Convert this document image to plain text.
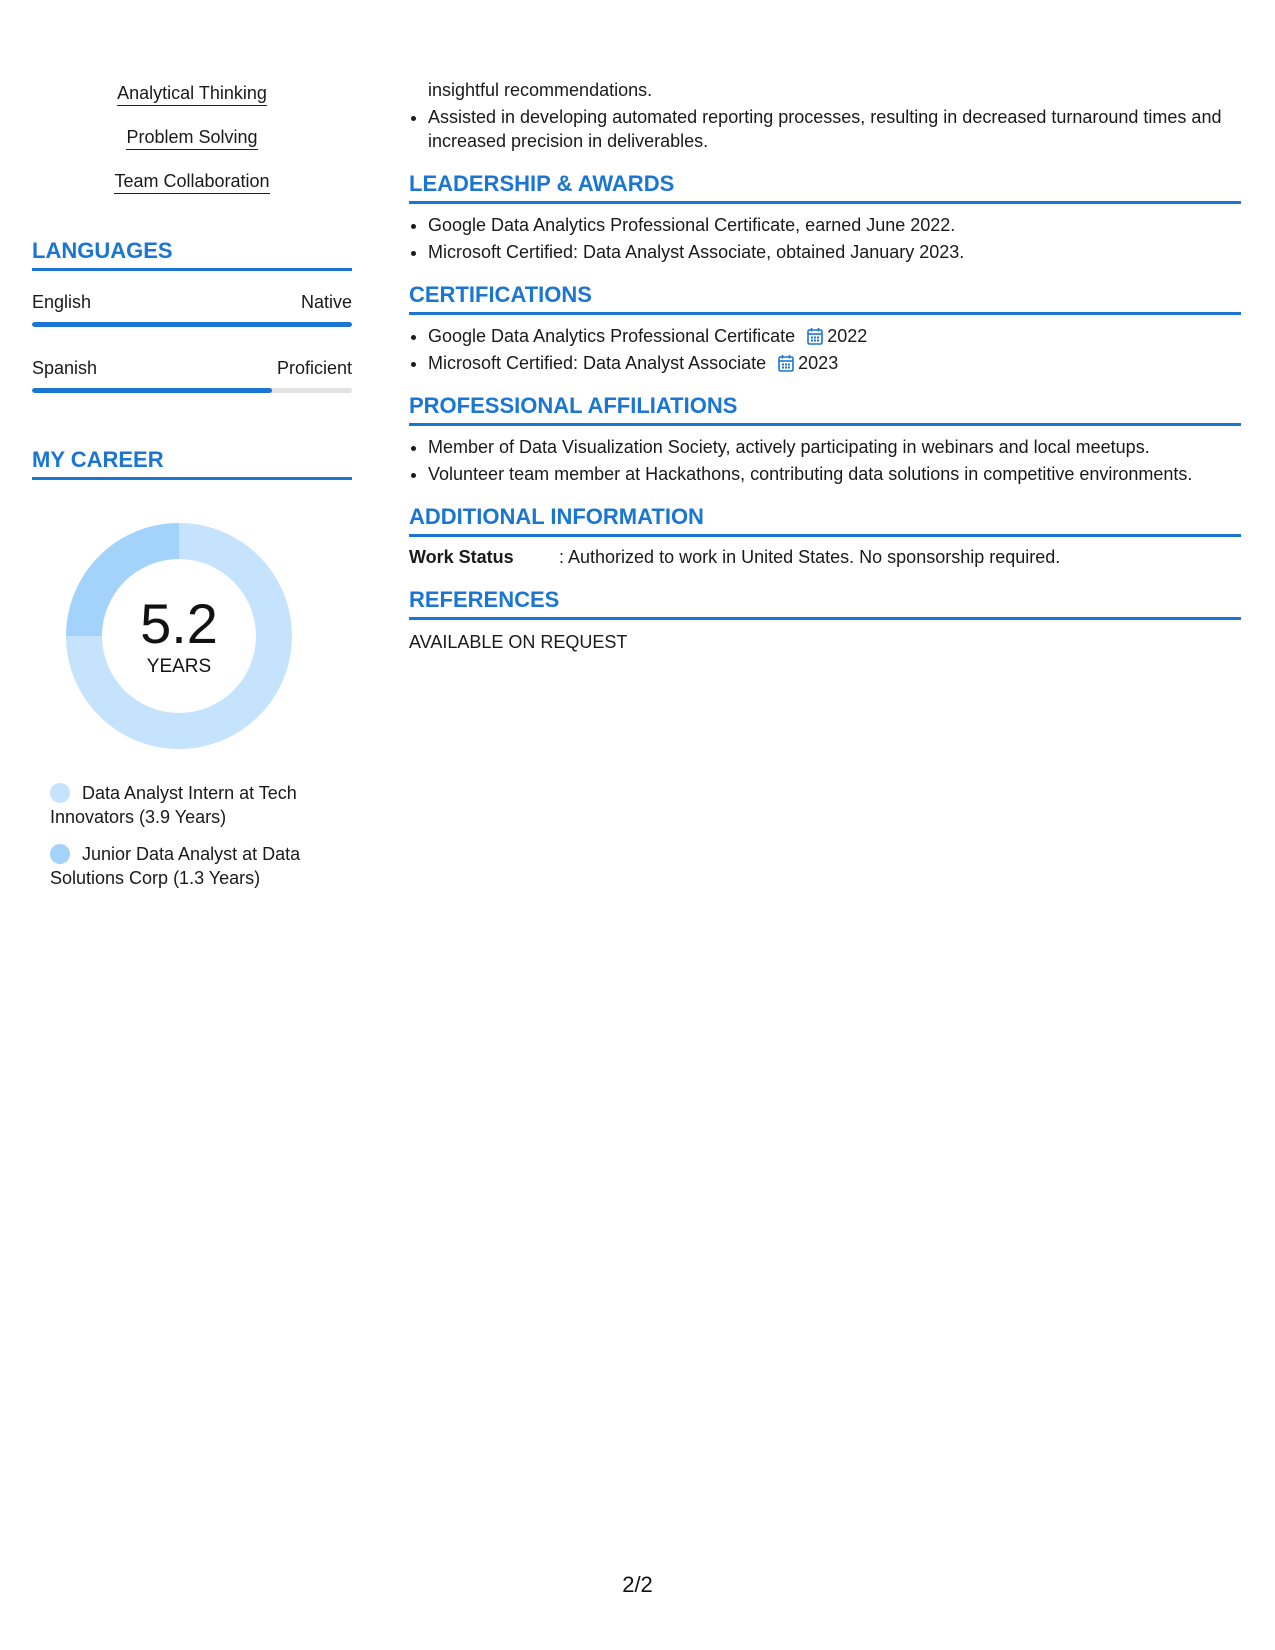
Analytical Thinking
Problem Solving
Team Collaboration
LANGUAGES
English	Native
Spanish	Proficient
MY CAREER
5.2
YEARS
Data Analyst Intern at Tech Innovators (3.9 Years)
Junior Data Analyst at Data Solutions Corp (1.3 Years)
insightful recommendations.
• Assisted in developing automated reporting processes, resulting in decreased turnaround times and increased precision in deliverables.
LEADERSHIP & AWARDS
• Google Data Analytics Professional Certificate, earned June 2022.
• Microsoft Certified: Data Analyst Associate, obtained January 2023.
CERTIFICATIONS
• Google Data Analytics Professional Certificate 2022
• Microsoft Certified: Data Analyst Associate 2023
PROFESSIONAL AFFILIATIONS
• Member of Data Visualization Society, actively participating in webinars and local meetups.
• Volunteer team member at Hackathons, contributing data solutions in competitive environments.
ADDITIONAL INFORMATION
Work Status	: Authorized to work in United States. No sponsorship required.
REFERENCES
AVAILABLE ON REQUEST
2/2
